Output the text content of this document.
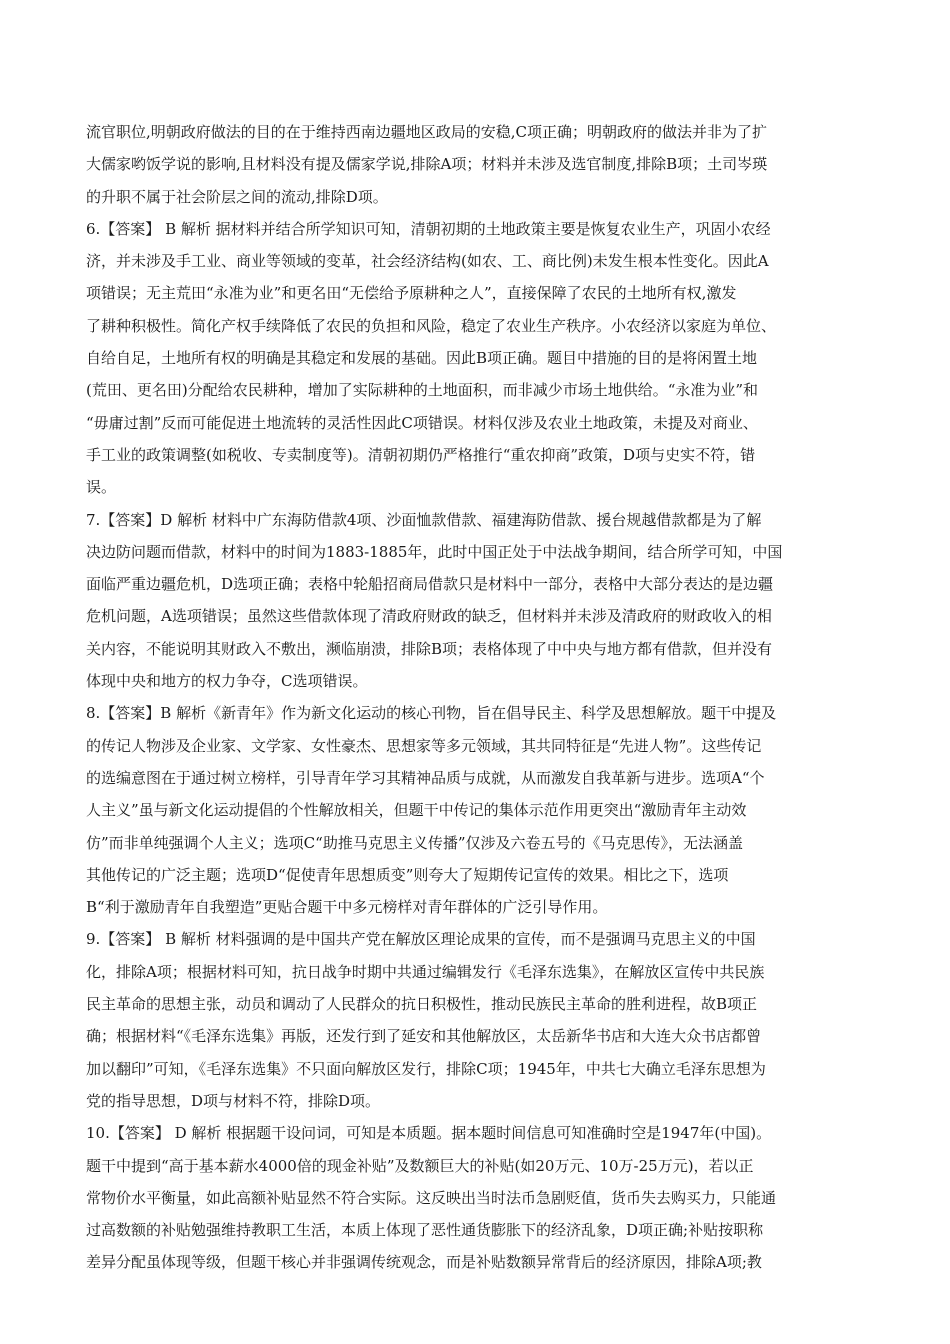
流官职位,明朝政府做法的目的在于维持西南边疆地区政局的安稳,C项正确；明朝政府的做法并非为了扩
大儒家哟饭学说的影响,且材料没有提及儒家学说,排除A项；材料并未涉及选官制度,排除B项；土司岑瑛
的升职不属于社会阶层之间的流动,排除D项。
6.【答案】 B 解析 据材料并结合所学知识可知，清朝初期的土地政策主要是恢复农业生产，巩固小农经
济，并未涉及手工业、商业等领域的变革，社会经济结构(如农、工、商比例)未发生根本性变化。因此A
项错误；无主荒田“永准为业”和更名田“无偿给予原耕种之人”，直接保障了农民的土地所有权,激发
了耕种积极性。简化产权手续降低了农民的负担和风险，稳定了农业生产秩序。小农经济以家庭为单位、
自给自足，土地所有权的明确是其稳定和发展的基础。因此B项正确。题目中措施的目的是将闲置土地
(荒田、更名田)分配给农民耕种，增加了实际耕种的土地面积，而非减少市场土地供给。“永准为业”和
“毋庸过割”反而可能促进土地流转的灵活性因此C项错误。材料仅涉及农业土地政策，未提及对商业、
手工业的政策调整(如税收、专卖制度等)。清朝初期仍严格推行“重农抑商”政策，D项与史实不符，错
误。
7.【答案】D 解析 材料中广东海防借款4项、沙面恤款借款、福建海防借款、援台规越借款都是为了解
决边防问题而借款，材料中的时间为1883-1885年，此时中国正处于中法战争期间，结合所学可知，中国
面临严重边疆危机，D选项正确；表格中轮船招商局借款只是材料中一部分，表格中大部分表达的是边疆
危机问题，A选项错误；虽然这些借款体现了清政府财政的缺乏，但材料并未涉及清政府的财政收入的相
关内容，不能说明其财政入不敷出，濒临崩溃，排除B项；表格体现了中中央与地方都有借款，但并没有
体现中央和地方的权力争夺，C选项错误。
8.【答案】B 解析《新青年》作为新文化运动的核心刊物，旨在倡导民主、科学及思想解放。题干中提及
的传记人物涉及企业家、文学家、女性豪杰、思想家等多元领域，其共同特征是“先进人物”。这些传记
的选编意图在于通过树立榜样，引导青年学习其精神品质与成就，从而激发自我革新与进步。选项A“个
人主义”虽与新文化运动提倡的个性解放相关，但题干中传记的集体示范作用更突出“激励青年主动效
仿”而非单纯强调个人主义；选项C“助推马克思主义传播”仅涉及六卷五号的《马克思传》，无法涵盖
其他传记的广泛主题；选项D“促使青年思想质变”则夸大了短期传记宣传的效果。相比之下，选项
B“利于激励青年自我塑造”更贴合题干中多元榜样对青年群体的广泛引导作用。
9.【答案】 B 解析 材料强调的是中国共产党在解放区理论成果的宣传，而不是强调马克思主义的中国
化，排除A项；根据材料可知，抗日战争时期中共通过编辑发行《毛泽东选集》，在解放区宣传中共民族
民主革命的思想主张，动员和调动了人民群众的抗日积极性，推动民族民主革命的胜利进程，故B项正
确；根据材料“《毛泽东选集》再版，还发行到了延安和其他解放区，太岳新华书店和大连大众书店都曾
加以翻印”可知，《毛泽东选集》不只面向解放区发行，排除C项；1945年，中共七大确立毛泽东思想为
党的指导思想，D项与材料不符，排除D项。
10.【答案】 D 解析 根据题干设问词，可知是本质题。据本题时间信息可知准确时空是1947年(中国)。
题干中提到“高于基本薪水4000倍的现金补贴”及数额巨大的补贴(如20万元、10万-25万元)，若以正
常物价水平衡量，如此高额补贴显然不符合实际。这反映出当时法币急剧贬值，货币失去购买力，只能通
过高数额的补贴勉强维持教职工生活，本质上体现了恶性通货膨胀下的经济乱象，D项正确;补贴按职称
差异分配虽体现等级，但题干核心并非强调传统观念，而是补贴数额异常背后的经济原因，排除A项;教
